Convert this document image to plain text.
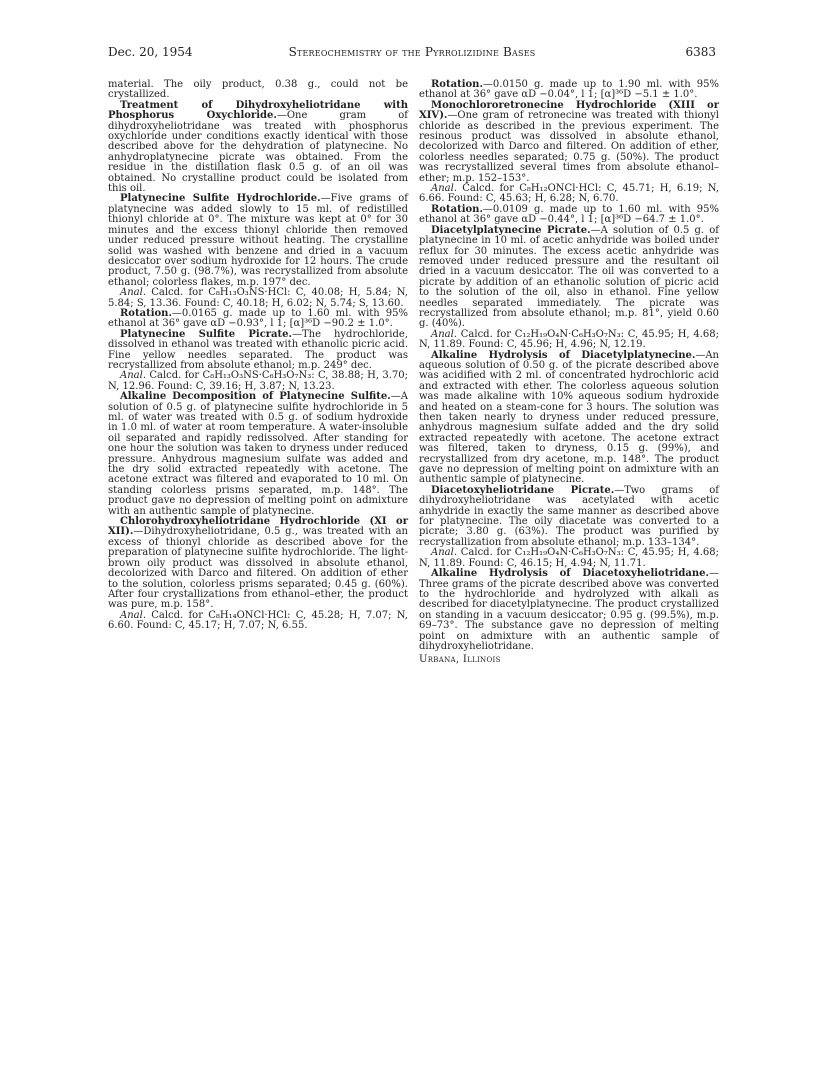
Dec. 20, 1954	Stereochemistry of the Pyrrolizidine Bases	6383

material. The oily product, 0.38 g., could not be crystallized.

Treatment of Dihydroxyheliotridane with Phosphorus Oxychloride.—One gram of dihydroxyheliotridane was treated with phosphorus oxychloride under conditions exactly identical with those described above for the dehydration of platynecine. No anhydroplatynecine picrate was obtained. From the residue in the distillation flask 0.5 g. of an oil was obtained. No crystalline product could be isolated from this oil.

Platynecine Sulfite Hydrochloride.—Five grams of platynecine was added slowly to 15 ml. of redistilled thionyl chloride at 0°. The mixture was kept at 0° for 30 minutes and the excess thionyl chloride then removed under reduced pressure without heating. The crystalline solid was washed with benzene and dried in a vacuum desiccator over sodium hydroxide for 12 hours. The crude product, 7.50 g. (98.7%), was recrystallized from absolute ethanol; colorless flakes, m.p. 197° dec.

Anal. Calcd. for C₈H₁₃O₃NS·HCl: C, 40.08; H, 5.84; N, 5.84; S, 13.36. Found: C, 40.18; H, 6.02; N, 5.74; S, 13.60.

Rotation.—0.0165 g. made up to 1.60 ml. with 95% ethanol at 36° gave αD −0.93°, l 1; [α]³⁶D −90.2 ± 1.0°.

Platynecine Sulfite Picrate.—The hydrochloride, dissolved in ethanol was treated with ethanolic picric acid. Fine yellow needles separated. The product was recrystallized from absolute ethanol; m.p. 249° dec.

Anal. Calcd. for C₈H₁₃O₃NS·C₆H₃O₇N₃: C, 38.88; H, 3.70; N, 12.96. Found: C, 39.16; H, 3.87; N, 13.23.

Alkaline Decomposition of Platynecine Sulfite.—A solution of 0.5 g. of platynecine sulfite hydrochloride in 5 ml. of water was treated with 0.5 g. of sodium hydroxide in 1.0 ml. of water at room temperature. A water-insoluble oil separated and rapidly redissolved. After standing for one hour the solution was taken to dryness under reduced pressure. Anhydrous magnesium sulfate was added and the dry solid extracted repeatedly with acetone. The acetone extract was filtered and evaporated to 10 ml. On standing colorless prisms separated, m.p. 148°. The product gave no depression of melting point on admixture with an authentic sample of platynecine.

Chlorohydroxyheliotridane Hydrochloride (XI or XII).—Dihydroxyheliotridane, 0.5 g., was treated with an excess of thionyl chloride as described above for the preparation of platynecine sulfite hydrochloride. The light-brown oily product was dissolved in absolute ethanol, decolorized with Darco and filtered. On addition of ether to the solution, colorless prisms separated; 0.45 g. (60%). After four crystallizations from ethanol–ether, the product was pure, m.p. 158°.

Anal. Calcd. for C₈H₁₄ONCl·HCl: C, 45.28; H, 7.07; N, 6.60. Found: C, 45.17; H, 7.07; N, 6.55.

Rotation.—0.0150 g. made up to 1.90 ml. with 95% ethanol at 36° gave αD −0.04°, l 1; [α]³⁶D −5.1 ± 1.0°.

Monochlororetronecine Hydrochloride (XIII or XIV).—One gram of retronecine was treated with thionyl chloride as described in the previous experiment. The resinous product was dissolved in absolute ethanol, decolorized with Darco and filtered. On addition of ether, colorless needles separated; 0.75 g. (50%). The product was recrystallized several times from absolute ethanol–ether; m.p. 152–153°.

Anal. Calcd. for C₈H₁₂ONCl·HCl: C, 45.71; H, 6.19; N, 6.66. Found: C, 45.63; H, 6.28; N, 6.70.

Rotation.—0.0109 g. made up to 1.60 ml. with 95% ethanol at 36° gave αD −0.44°, l 1; [α]³⁶D −64.7 ± 1.0°.

Diacetylplatynecine Picrate.—A solution of 0.5 g. of platynecine in 10 ml. of acetic anhydride was boiled under reflux for 30 minutes. The excess acetic anhydride was removed under reduced pressure and the resultant oil dried in a vacuum desiccator. The oil was converted to a picrate by addition of an ethanolic solution of picric acid to the solution of the oil, also in ethanol. Fine yellow needles separated immediately. The picrate was recrystallized from absolute ethanol; m.p. 81°, yield 0.60 g. (40%).

Anal. Calcd. for C₁₂H₁₉O₄N·C₆H₃O₇N₃: C, 45.95; H, 4.68; N, 11.89. Found: C, 45.96; H, 4.96; N, 12.19.

Alkaline Hydrolysis of Diacetylplatynecine.—An aqueous solution of 0.50 g. of the picrate described above was acidified with 2 ml. of concentrated hydrochloric acid and extracted with ether. The colorless aqueous solution was made alkaline with 10% aqueous sodium hydroxide and heated on a steam-cone for 3 hours. The solution was then taken nearly to dryness under reduced pressure, anhydrous magnesium sulfate added and the dry solid extracted repeatedly with acetone. The acetone extract was filtered, taken to dryness, 0.15 g. (99%), and recrystallized from dry acetone, m.p. 148°. The product gave no depression of melting point on admixture with an authentic sample of platynecine.

Diacetoxyheliotridane Picrate.—Two grams of dihydroxyheliotridane was acetylated with acetic anhydride in exactly the same manner as described above for platynecine. The oily diacetate was converted to a picrate; 3.80 g. (63%). The product was purified by recrystallization from absolute ethanol; m.p. 133–134°.

Anal. Calcd. for C₁₂H₁₉O₄N·C₆H₃O₇N₃: C, 45.95; H, 4.68; N, 11.89. Found: C, 46.15; H, 4.94; N, 11.71.

Alkaline Hydrolysis of Diacetoxyheliotridane.—Three grams of the picrate described above was converted to the hydrochloride and hydrolyzed with alkali as described for diacetylplatynecine. The product crystallized on standing in a vacuum desiccator; 0.95 g. (99.5%), m.p. 69–73°. The substance gave no depression of melting point on admixture with an authentic sample of dihydroxyheliotridane.

Urbana, Illinois
